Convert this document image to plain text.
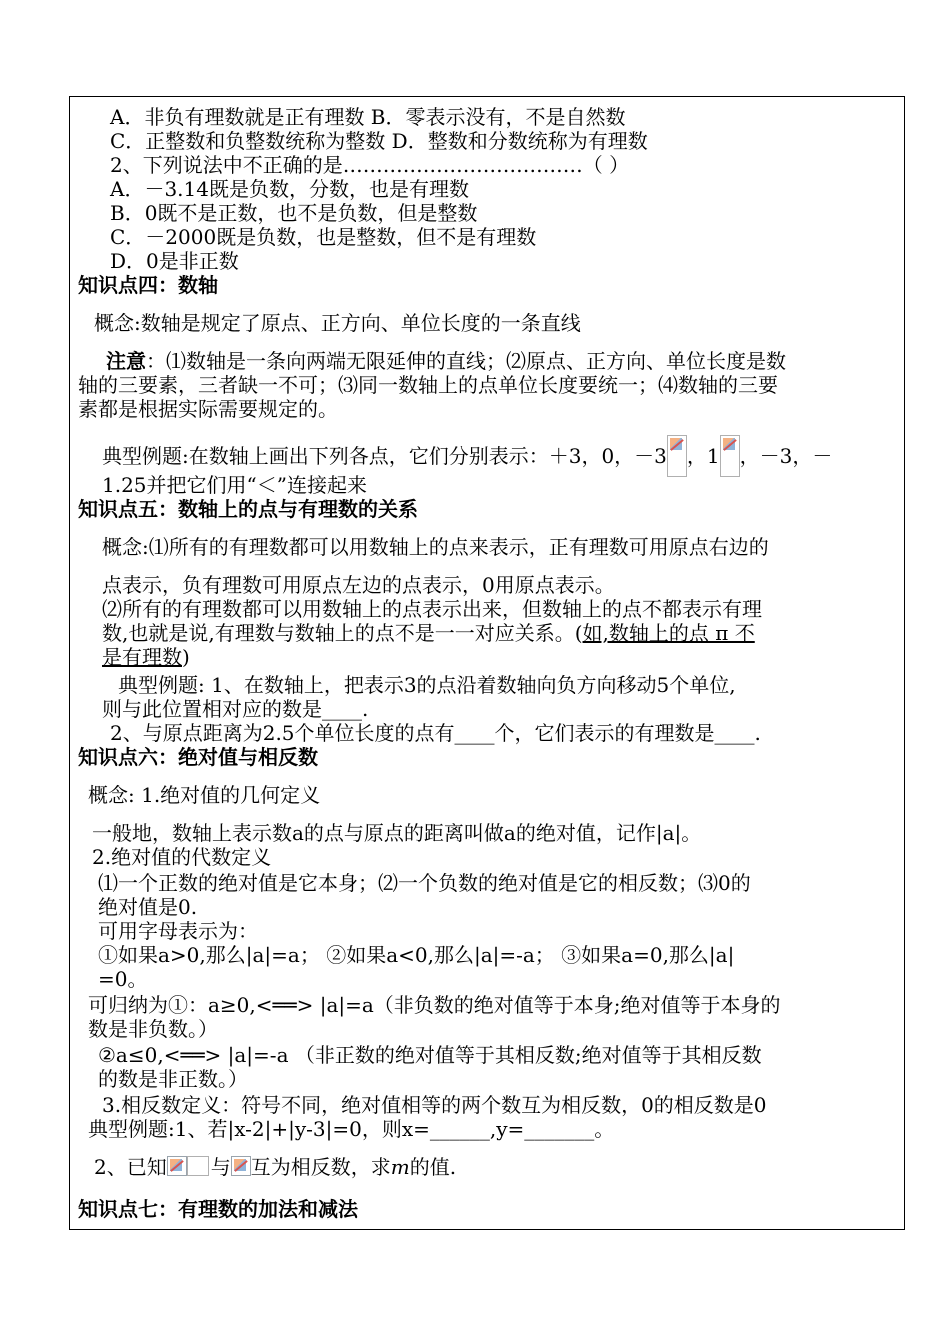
A．非负有理数就是正有理数 B．零表示没有，不是自然数
C．正整数和负整数统称为整数 D．整数和分数统称为有理数
2、下列说法中不正确的是………………………………（ ）
A．－3.14既是负数，分数，也是有理数
B．0既不是正数，也不是负数，但是整数
C．－2000既是负数，也是整数，但不是有理数
D．0是非正数
知识点四：数轴
概念:数轴是规定了原点、正方向、单位长度的一条直线
注意：⑴数轴是一条向两端无限延伸的直线；⑵原点、正方向、单位长度是数
轴的三要素，三者缺一不可；⑶同一数轴上的点单位长度要统一；⑷数轴的三要
素都是根据实际需要规定的。
典型例题:在数轴上画出下列各点，它们分别表示：＋3，0，－3 ，1 ，－3，－
1.25并把它们用“＜”连接起来
知识点五：数轴上的点与有理数的关系
概念:⑴所有的有理数都可以用数轴上的点来表示，正有理数可用原点右边的
点表示，负有理数可用原点左边的点表示，0用原点表示。
⑵所有的有理数都可以用数轴上的点表示出来，但数轴上的点不都表示有理
数,也就是说,有理数与数轴上的点不是一一对应关系。(如,数轴上的点 π 不
是有理数)
典型例题: 1、在数轴上，把表示3的点沿着数轴向负方向移动5个单位,
则与此位置相对应的数是____.
2、与原点距离为2.5个单位长度的点有____个，它们表示的有理数是____.
知识点六：绝对值与相反数
概念: 1.绝对值的几何定义
一般地，数轴上表示数a的点与原点的距离叫做a的绝对值，记作|a|。
2.绝对值的代数定义
⑴一个正数的绝对值是它本身；⑵一个负数的绝对值是它的相反数；⑶0的
绝对值是0.
可用字母表示为：
①如果a>0,那么|a|=a； ②如果a<0,那么|a|=-a； ③如果a=0,那么|a|
=0。
可归纳为①：a≥0,<══> |a|=a（非负数的绝对值等于本身;绝对值等于本身的
数是非负数。）
②a≤0,<══> |a|=-a （非正数的绝对值等于其相反数;绝对值等于其相反数
的数是非正数。）
3.相反数定义：符号不同，绝对值相等的两个数互为相反数，0的相反数是0
典型例题:1、若|x-2|+|y-3|=0，则x=______,y=_______。
2、已知 与 互为相反数，求m的值.
知识点七：有理数的加法和减法
